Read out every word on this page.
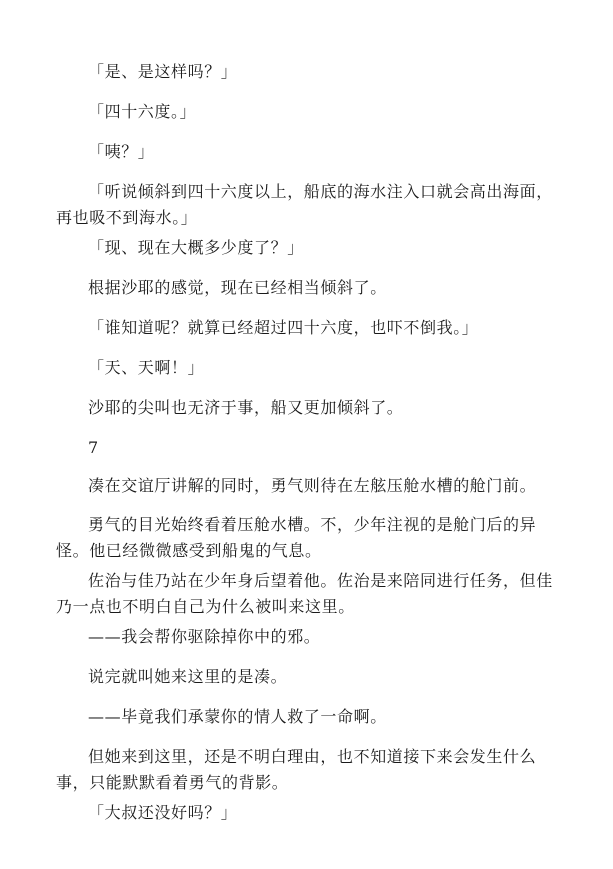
「是、是这样吗？」

「四十六度。」

「咦？」

「听说倾斜到四十六度以上，船底的海水注入口就会高出海面，再也吸不到海水。」

「现、现在大概多少度了？」

根据沙耶的感觉，现在已经相当倾斜了。

「谁知道呢？就算已经超过四十六度，也吓不倒我。」

「天、天啊！」

沙耶的尖叫也无济于事，船又更加倾斜了。

7

凑在交谊厅讲解的同时，勇气则待在左舷压舱水槽的舱门前。

勇气的目光始终看着压舱水槽。不，少年注视的是舱门后的异怪。他已经微微感受到船鬼的气息。

佐治与佳乃站在少年身后望着他。佐治是来陪同进行任务，但佳乃一点也不明白自己为什么被叫来这里。

——我会帮你驱除掉你中的邪。

说完就叫她来这里的是凑。

——毕竟我们承蒙你的情人救了一命啊。

但她来到这里，还是不明白理由，也不知道接下来会发生什么事，只能默默看着勇气的背影。

「大叔还没好吗？」
